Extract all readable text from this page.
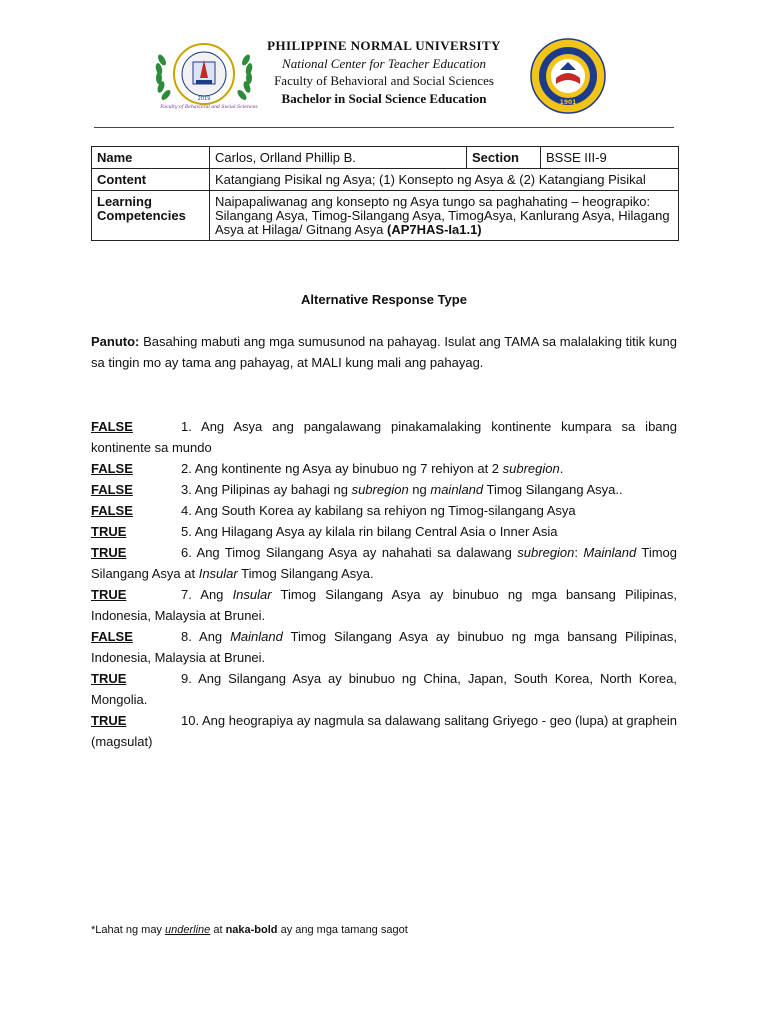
2019
Faculty of Behavioral and Social Sciences
PHILIPPINE NORMAL UNIVERSITY
National Center for Teacher Education
Faculty of Behavioral and Social Sciences
Bachelor in Social Science Education	1901
Name	Carlos, Orlland Phillip B.	Section	BSSE III-9
Content	Katangiang Pisikal ng Asya; (1) Konsepto ng Asya & (2) Katangiang Pisikal		

Learning
Competencies	Naipapaliwanag ang konsepto ng Asya tungo sa paghahating – heograpiko: Silangang Asya, Timog-Silangang Asya, TimogAsya, Kanlurang Asya, Hilagang Asya at Hilaga/ Gitnang Asya (AP7HAS-Ia1.1)		
Alternative Response Type
Panuto: Basahing mabuti ang mga sumusunod na pahayag. Isulat ang TAMA sa malalaking titik kung sa tingin mo ay tama ang pahayag, at MALI kung mali ang pahayag.
FALSE	1. Ang Asya ang pangalawang pinakamalaking kontinente kumpara sa ibang kontinente sa mundo
FALSE	2. Ang kontinente ng Asya ay binubuo ng 7 rehiyon at 2 subregion.
FALSE	3. Ang Pilipinas ay bahagi ng subregion ng mainland Timog Silangang Asya..
FALSE	4. Ang South Korea ay kabilang sa rehiyon ng Timog-silangang Asya
TRUE	5. Ang Hilagang Asya ay kilala rin bilang Central Asia o Inner Asia
TRUE	6. Ang Timog Silangang Asya ay nahahati sa dalawang subregion: Mainland Timog Silangang Asya at Insular Timog Silangang Asya.
TRUE	7. Ang Insular Timog Silangang Asya ay binubuo ng mga bansang Pilipinas, Indonesia, Malaysia at Brunei.
FALSE	8. Ang Mainland Timog Silangang Asya ay binubuo ng mga bansang Pilipinas, Indonesia, Malaysia at Brunei.
TRUE	9. Ang Silangang Asya ay binubuo ng China, Japan, South Korea, North Korea, Mongolia.
TRUE	10. Ang heograpiya ay nagmula sa dalawang salitang Griyego - geo (lupa) at graphein (magsulat)
*Lahat ng may underline at naka-bold ay ang mga tamang sagot
